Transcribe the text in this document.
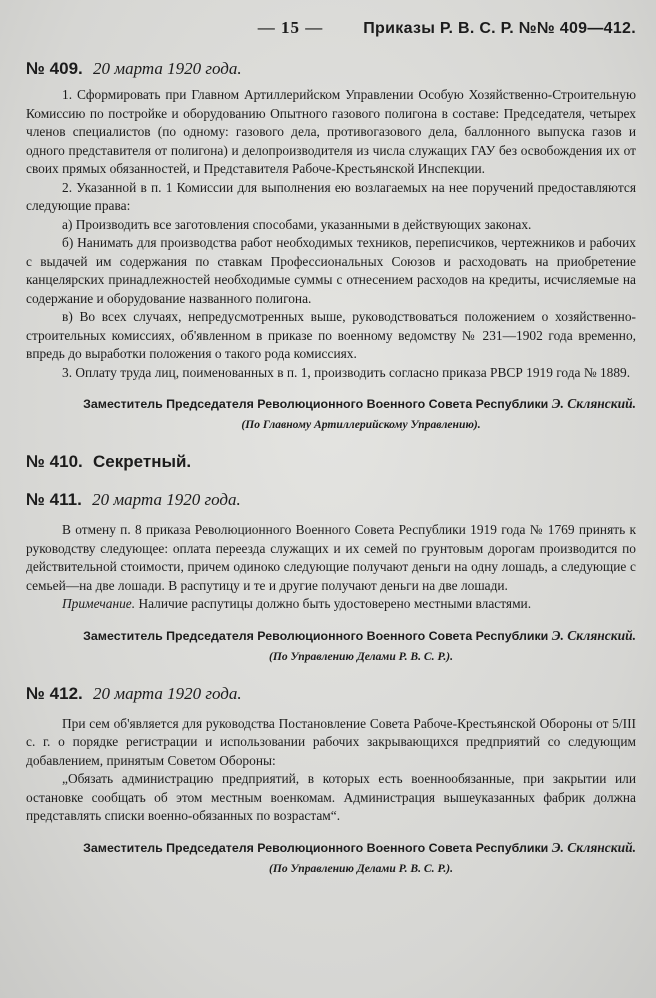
— 15 —	Приказы Р. В. С. Р. №№ 409—412.
№ 409. 20 марта 1920 года.

1. Сформировать при Главном Артиллерийском Управлении Особую Хозяйственно-Строительную Комиссию по постройке и оборудованию Опытного газового полигона в составе: Председателя, четырех членов специалистов (по одному: газового дела, противогазового дела, баллонного выпуска газов и одного представителя от полигона) и делопроизводителя из числа служащих ГАУ без освобождения их от своих прямых обязанностей, и Представителя Рабоче-Крестьянской Инспекции.

2. Указанной в п. 1 Комиссии для выполнения ею возлагаемых на нее поручений предоставляются следующие права:

а) Производить все заготовления способами, указанными в действующих законах.

б) Нанимать для производства работ необходимых техников, переписчиков, чертежников и рабочих с выдачей им содержания по ставкам Профессиональных Союзов и расходовать на приобретение канцелярских принадлежностей необходимые суммы с отнесением расходов на кредиты, исчисляемые на содержание и оборудование названного полигона.

в) Во всех случаях, непредусмотренных выше, руководствоваться положением о хозяйственно-строительных комиссиях, об'явленном в приказе по военному ведомству № 231—1902 года временно, впредь до выработки положения о такого рода комиссиях.

3. Оплату труда лиц, поименованных в п. 1, производить согласно приказа РВСР 1919 года № 1889.

Заместитель Председателя Революционного Военного Совета Республики Э. Склянский.
(По Главному Артиллерийскому Управлению).
№ 410. Секретный.
№ 411. 20 марта 1920 года.

В отмену п. 8 приказа Революционного Военного Совета Республики 1919 года № 1769 принять к руководству следующее: оплата переезда служащих и их семей по грунтовым дорогам производится по действительной стоимости, причем одиноко следующие получают деньги на одну лошадь, а следующие с семьей—на две лошади. В распутицу и те и другие получают деньги на две лошади.

Примечание. Наличие распутицы должно быть удостоверено местными властями.

Заместитель Председателя Революционного Военного Совета Республики Э. Склянский.
(По Управлению Делами Р. В. С. Р.).
№ 412. 20 марта 1920 года.

При сем об'является для руководства Постановление Совета Рабоче-Крестьянской Обороны от 5/III с. г. о порядке регистрации и использовании рабочих закрывающихся предприятий со следующим добавлением, принятым Советом Обороны:

„Обязать администрацию предприятий, в которых есть военнообязанные, при закрытии или остановке сообщать об этом местным военкомам. Администрация вышеуказанных фабрик должна представлять списки военно-обязанных по возрастам“.

Заместитель Председателя Революционного Военного Совета Республики Э. Склянский.
(По Управлению Делами Р. В. С. Р.).
